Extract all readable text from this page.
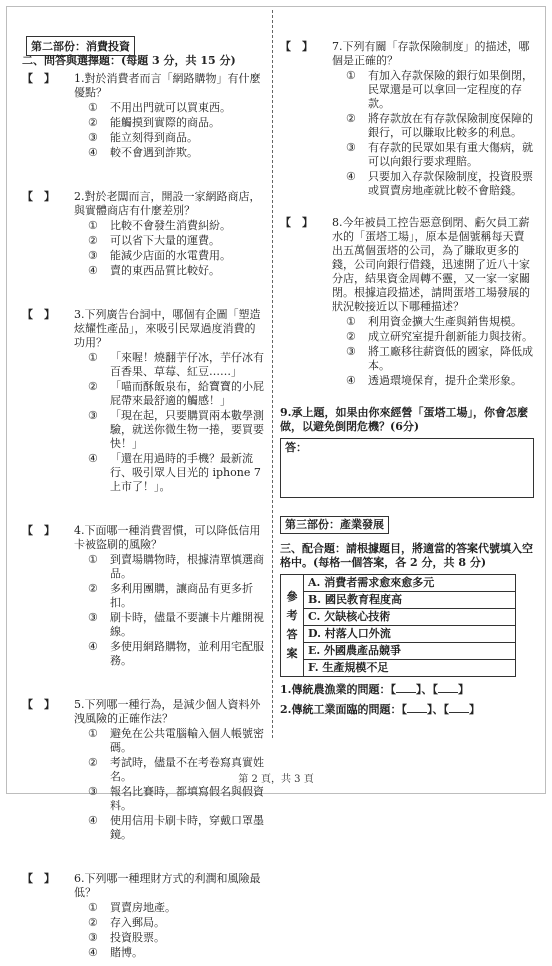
第二部份：消費投資
二、問答與選擇題：(每題 3 分，共 15 分)
【　】	1.對於消費者而言「網路購物」有什麼優點？
①	不用出門就可以買東西。
②	能觸摸到實際的商品。
③	能立刻得到商品。
④	較不會遇到詐欺。
【　】	2.對於老闆而言，開設一家網路商店，與實體商店有什麼差別？
①	比較不會發生消費糾紛。
②	可以省下大量的運費。
③	能減少店面的水電費用。
④	賣的東西品質比較好。
【　】	3.下列廣告台詞中，哪個有企圖「塑造炫耀性產品」，來吸引民眾過度消費的功用？
①	「來喔！燒翻芋仔冰，芋仔冰有百香果、草莓、紅豆……」
②	「喵而酥飯泉布，給寶寶的小屁屁帶來最舒適的觸感！」
③	「現在起，只要購買兩本數學測驗，就送你微生物一捲，要買要快！」
④	「還在用過時的手機？最新流行、吸引眾人目光的 iphone 7 上市了！」。
【　】	4.下面哪一種消費習慣，可以降低信用卡被盜刷的風險？
①	到賣場購物時，根據清單慎選商品。
②	多利用團購，讓商品有更多折扣。
③	刷卡時，儘量不要讓卡片離開視線。
④	多使用網路購物，並利用宅配服務。
【　】	5.下列哪一種行為，是減少個人資料外洩風險的正確作法？
①	避免在公共電腦輸入個人帳號密碼。
②	考試時，儘量不在考卷寫真實姓名。
③	報名比賽時，都填寫假名與假資料。
④	使用信用卡刷卡時，穿戴口罩墨鏡。
【　】	6.下列哪一種理財方式的利潤和風險最低？
①	買賣房地產。
②	存入郵局。
③	投資股票。
④	賭博。
【　】	7.下列有關「存款保險制度」的描述，哪個是正確的？
①	有加入存款保險的銀行如果倒閉，民眾還是可以拿回一定程度的存款。
②	將存款放在有存款保險制度保障的銀行，可以賺取比較多的利息。
③	有存款的民眾如果有重大傷病，就可以向銀行要求理賠。
④	只要加入存款保險制度，投資股票或買賣房地產就比較不會賠錢。
【　】	8.今年被員工控告惡意倒閉、虧欠員工薪水的「蛋塔工場」，原本是個號稱每天賣出五萬個蛋塔的公司，為了賺取更多的錢，公司向銀行借錢，迅速開了近八十家分店，結果資金周轉不靈，又一家一家關閉。根據這段描述，請問蛋塔工場發展的狀況較接近以下哪種描述？
①	利用資金擴大生產與銷售規模。
②	成立研究室提升創新能力與技術。
③	將工廠移往薪資低的國家，降低成本。
④	透過環境保育，提升企業形象。
9.承上題，如果由你來經營「蛋塔工場」，你會怎麼做，以避免倒閉危機？(6分)
答：
第三部份：產業發展
三、配合題：請根據題目，將適當的答案代號填入空格中。(每格一個答案，各 2 分，共 8 分)
參
考
答
案
	A. 消費者需求愈來愈多元
B. 國民教育程度高
C. 欠缺核心技術
D. 村落人口外流
E. 外國農產品競爭
F. 生產規模不足
1.傳統農漁業的問題：【 】、【 】
2.傳統工業面臨的問題：【 】、【 】
第 2 頁，共 3 頁
